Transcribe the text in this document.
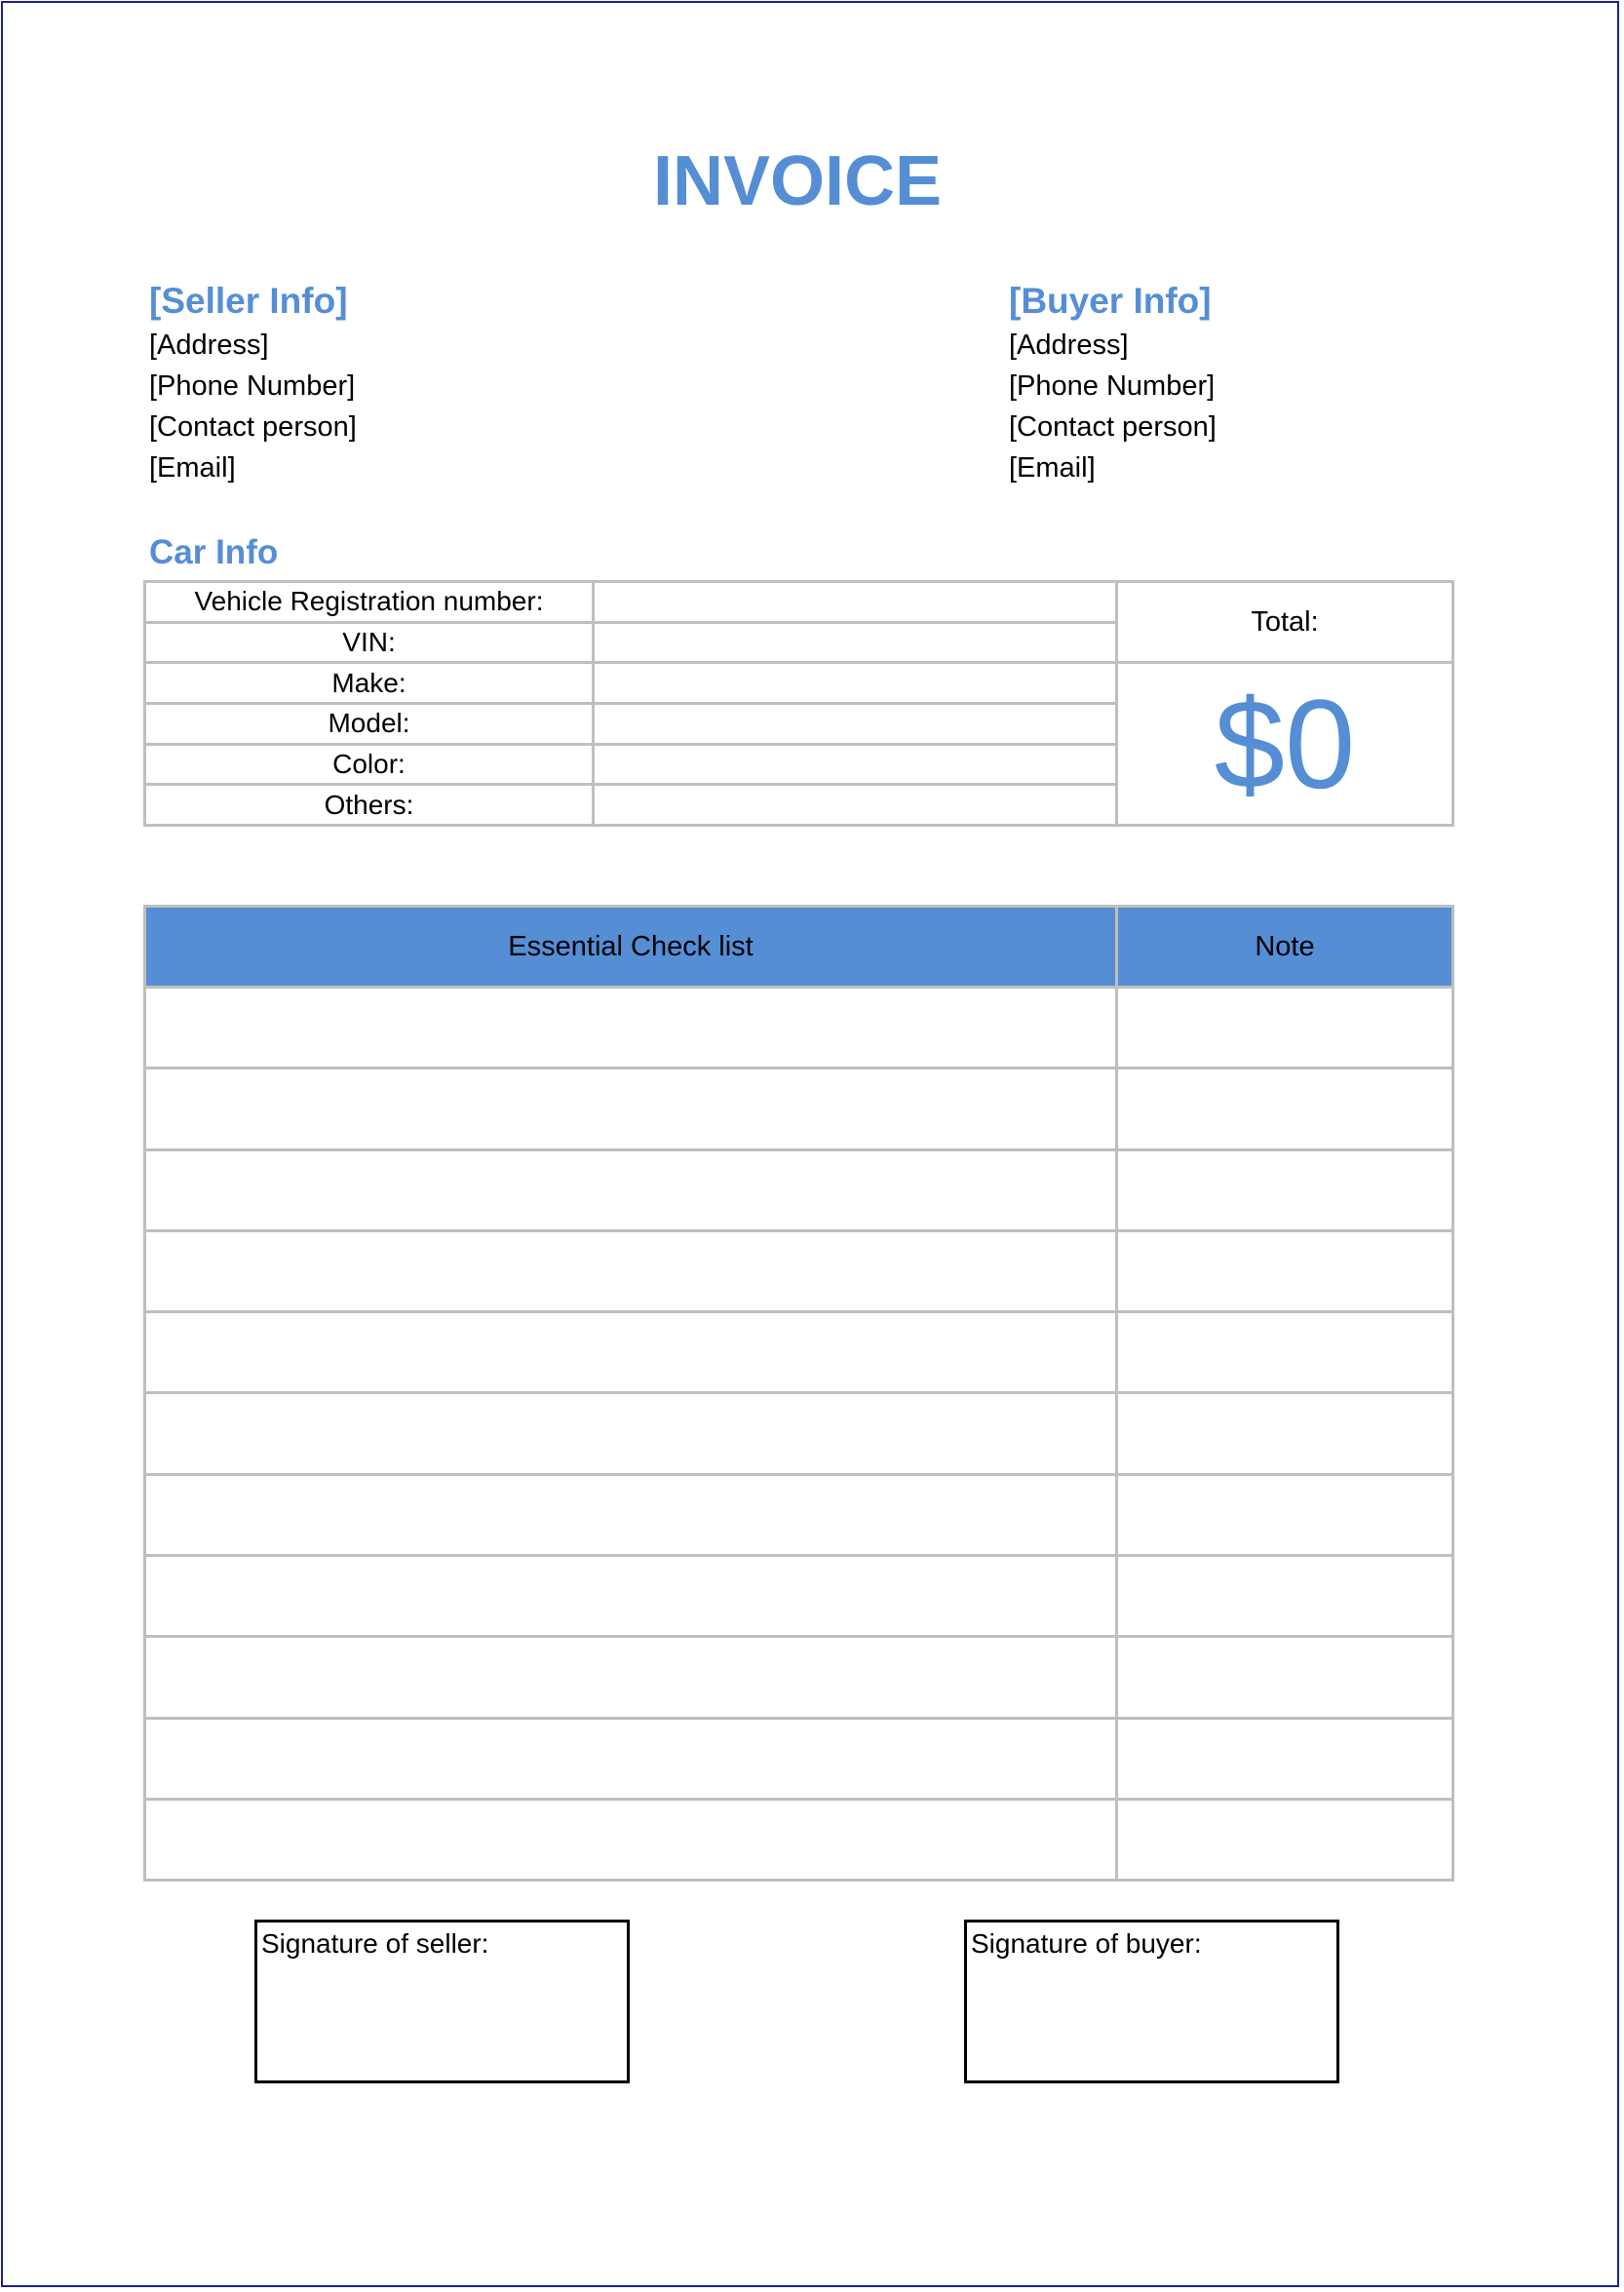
INVOICE
[Seller Info]
[Address]
[Phone Number]
[Contact person]
[Email]
[Buyer Info]
[Address]
[Phone Number]
[Contact person]
[Email]
Car Info
Vehicle Registration number:		Total:
VIN:		
Make:		$0
Model:		
Color:		
Others:		
Essential Check list	Note

Signature of seller:	Signature of buyer:
